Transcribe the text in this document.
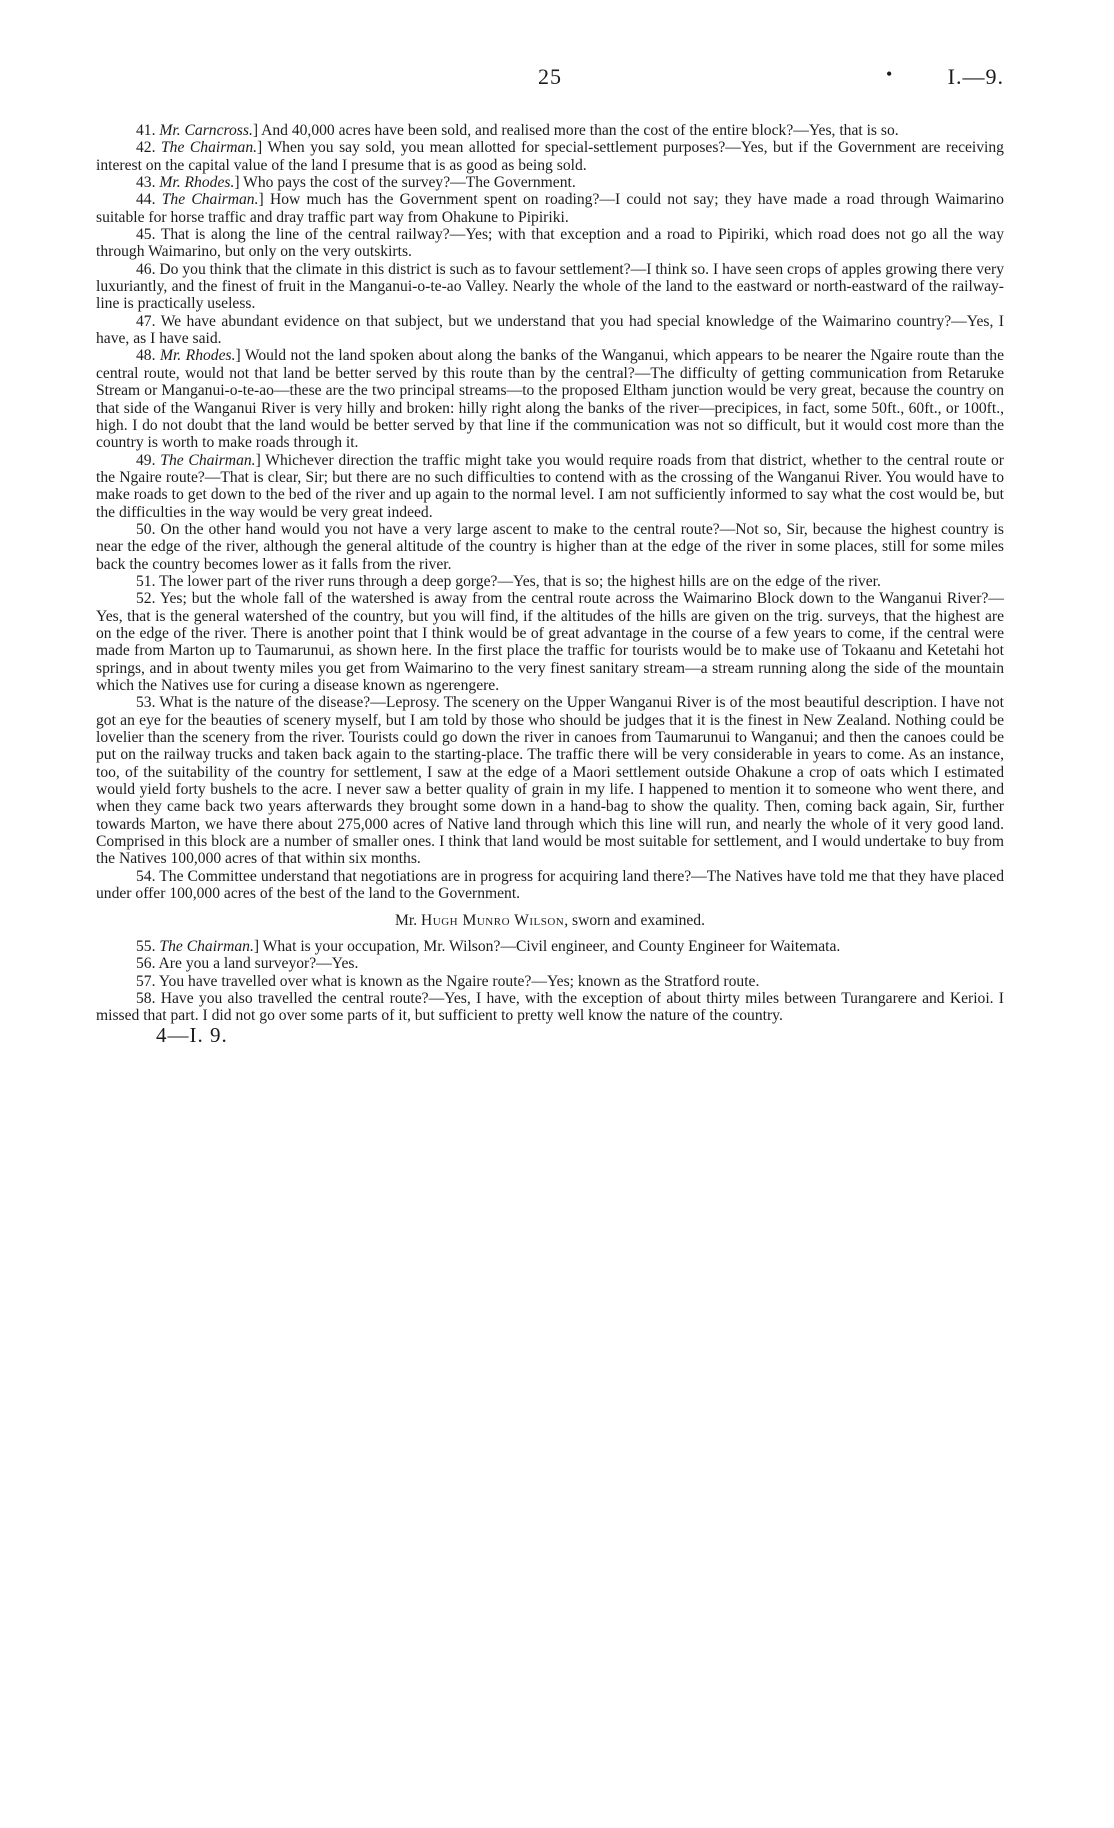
25	•	I.—9.

41. Mr. Carncross.] And 40,000 acres have been sold, and realised more than the cost of the entire block?—Yes, that is so.

42. The Chairman.] When you say sold, you mean allotted for special-settlement purposes?—Yes, but if the Government are receiving interest on the capital value of the land I presume that is as good as being sold.

43. Mr. Rhodes.] Who pays the cost of the survey?—The Government.

44. The Chairman.] How much has the Government spent on roading?—I could not say; they have made a road through Waimarino suitable for horse traffic and dray traffic part way from Ohakune to Pipiriki.

45. That is along the line of the central railway?—Yes; with that exception and a road to Pipiriki, which road does not go all the way through Waimarino, but only on the very outskirts.

46. Do you think that the climate in this district is such as to favour settlement?—I think so. I have seen crops of apples growing there very luxuriantly, and the finest of fruit in the Manganui-o-te-ao Valley. Nearly the whole of the land to the eastward or north-eastward of the railway-line is practically useless.

47. We have abundant evidence on that subject, but we understand that you had special knowledge of the Waimarino country?—Yes, I have, as I have said.

48. Mr. Rhodes.] Would not the land spoken about along the banks of the Wanganui, which appears to be nearer the Ngaire route than the central route, would not that land be better served by this route than by the central?—The difficulty of getting communication from Retaruke Stream or Manganui-o-te-ao—these are the two principal streams—to the proposed Eltham junction would be very great, because the country on that side of the Wanganui River is very hilly and broken: hilly right along the banks of the river—precipices, in fact, some 50ft., 60ft., or 100ft., high. I do not doubt that the land would be better served by that line if the communication was not so difficult, but it would cost more than the country is worth to make roads through it.

49. The Chairman.] Whichever direction the traffic might take you would require roads from that district, whether to the central route or the Ngaire route?—That is clear, Sir; but there are no such difficulties to contend with as the crossing of the Wanganui River. You would have to make roads to get down to the bed of the river and up again to the normal level. I am not sufficiently informed to say what the cost would be, but the difficulties in the way would be very great indeed.

50. On the other hand would you not have a very large ascent to make to the central route?—Not so, Sir, because the highest country is near the edge of the river, although the general altitude of the country is higher than at the edge of the river in some places, still for some miles back the country becomes lower as it falls from the river.

51. The lower part of the river runs through a deep gorge?—Yes, that is so; the highest hills are on the edge of the river.

52. Yes; but the whole fall of the watershed is away from the central route across the Waimarino Block down to the Wanganui River?—Yes, that is the general watershed of the country, but you will find, if the altitudes of the hills are given on the trig. surveys, that the highest are on the edge of the river. There is another point that I think would be of great advantage in the course of a few years to come, if the central were made from Marton up to Taumarunui, as shown here. In the first place the traffic for tourists would be to make use of Tokaanu and Ketetahi hot springs, and in about twenty miles you get from Waimarino to the very finest sanitary stream—a stream running along the side of the mountain which the Natives use for curing a disease known as ngerengere.

53. What is the nature of the disease?—Leprosy. The scenery on the Upper Wanganui River is of the most beautiful description. I have not got an eye for the beauties of scenery myself, but I am told by those who should be judges that it is the finest in New Zealand. Nothing could be lovelier than the scenery from the river. Tourists could go down the river in canoes from Taumarunui to Wanganui; and then the canoes could be put on the railway trucks and taken back again to the starting-place. The traffic there will be very considerable in years to come. As an instance, too, of the suitability of the country for settlement, I saw at the edge of a Maori settlement outside Ohakune a crop of oats which I estimated would yield forty bushels to the acre. I never saw a better quality of grain in my life. I happened to mention it to someone who went there, and when they came back two years afterwards they brought some down in a hand-bag to show the quality. Then, coming back again, Sir, further towards Marton, we have there about 275,000 acres of Native land through which this line will run, and nearly the whole of it very good land. Comprised in this block are a number of smaller ones. I think that land would be most suitable for settlement, and I would undertake to buy from the Natives 100,000 acres of that within six months.

54. The Committee understand that negotiations are in progress for acquiring land there?—The Natives have told me that they have placed under offer 100,000 acres of the best of the land to the Government.

Mr. Hugh Munro Wilson, sworn and examined.

55. The Chairman.] What is your occupation, Mr. Wilson?—Civil engineer, and County Engineer for Waitemata.

56. Are you a land surveyor?—Yes.

57. You have travelled over what is known as the Ngaire route?—Yes; known as the Stratford route.

58. Have you also travelled the central route?—Yes, I have, with the exception of about thirty miles between Turangarere and Kerioi. I missed that part. I did not go over some parts of it, but sufficient to pretty well know the nature of the country.

4—I. 9.
